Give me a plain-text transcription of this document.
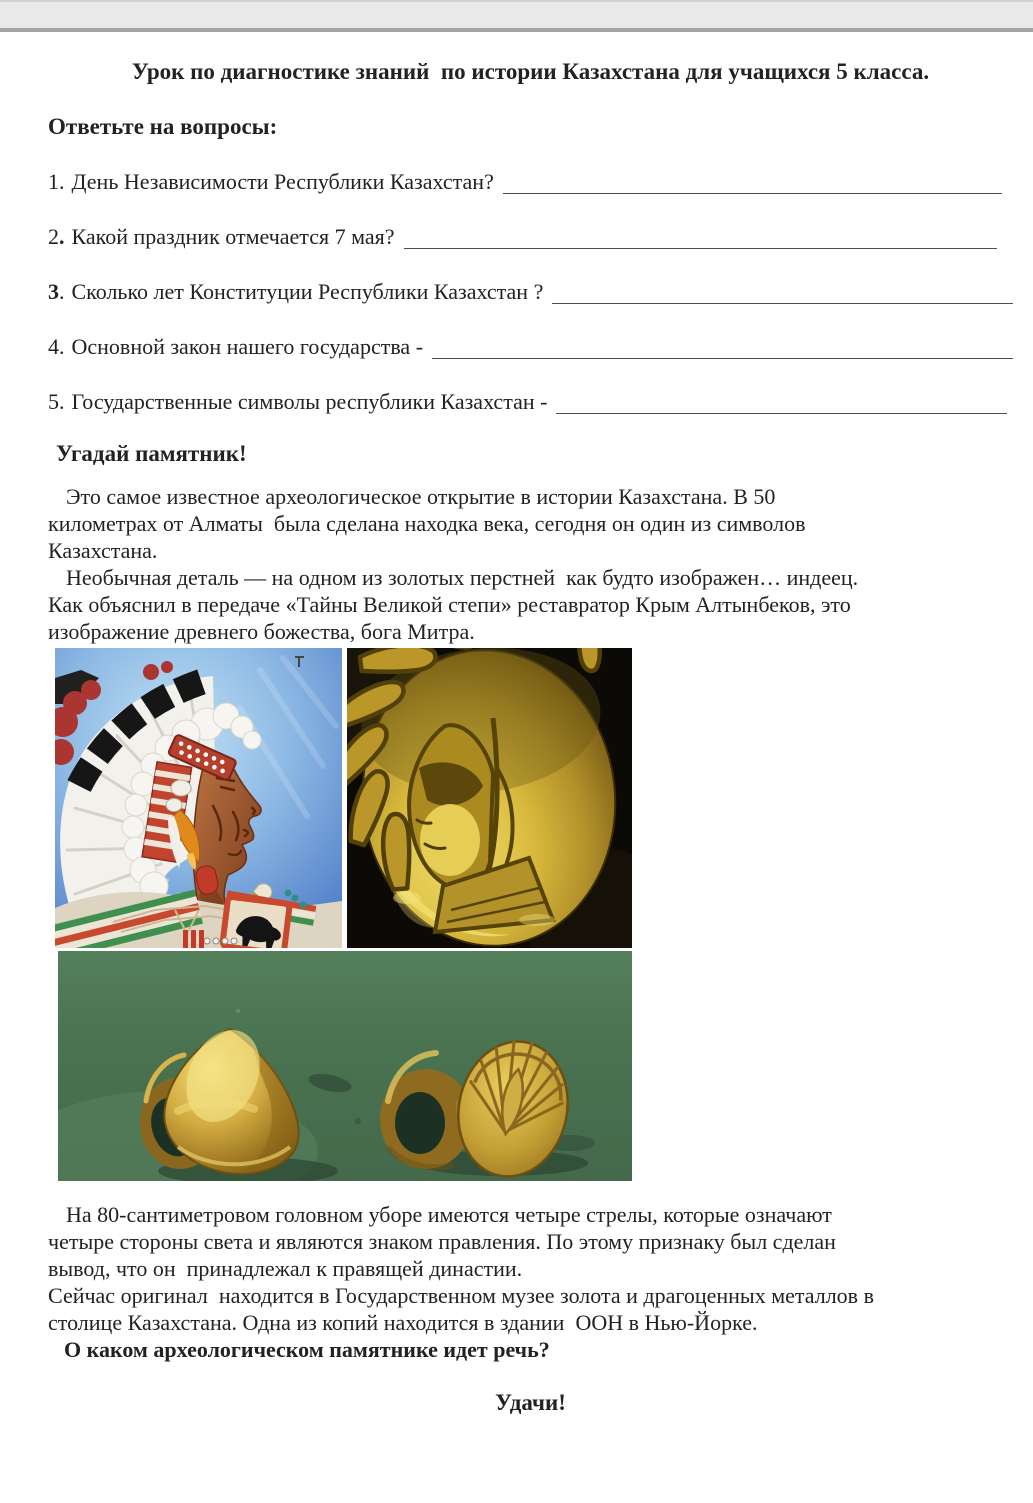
Урок по диагностике знаний  по истории Казахстана для учащихся 5 класса.
Ответьте на вопросы:
1 . День Независимости Республики Казахстан?
2 . Какой праздник отмечается 7 мая?
3 . Сколько лет Конституции Республики Казахстан ?
4 . Основной закон нашего государства -
5 . Государственные символы республики Казахстан -
Угадай памятник!
Это самое известное археологическое открытие в истории Казахстана. В 50
километрах от Алматы  была сделана находка века, сегодня он один из символов
Казахстана.
Необычная деталь — на одном из золотых перстней  как будто изображен… индеец.
Как объяснил в передаче «Тайны Великой степи» реставратор Крым Алтынбеков, это
изображение древнего божества, бога Митра.
На 80-сантиметровом головном уборе имеются четыре стрелы, которые означают
четыре стороны света и являются знаком правления. По этому признаку был сделан
вывод, что он  принадлежал к правящей династии.
Сейчас оригинал  находится в Государственном музее золота и драгоценных металлов в
столице Казахстана. Одна из копий находится в здании  ООН в Нью-Йорке.
О каком археологическом памятнике идет речь?
Удачи!
